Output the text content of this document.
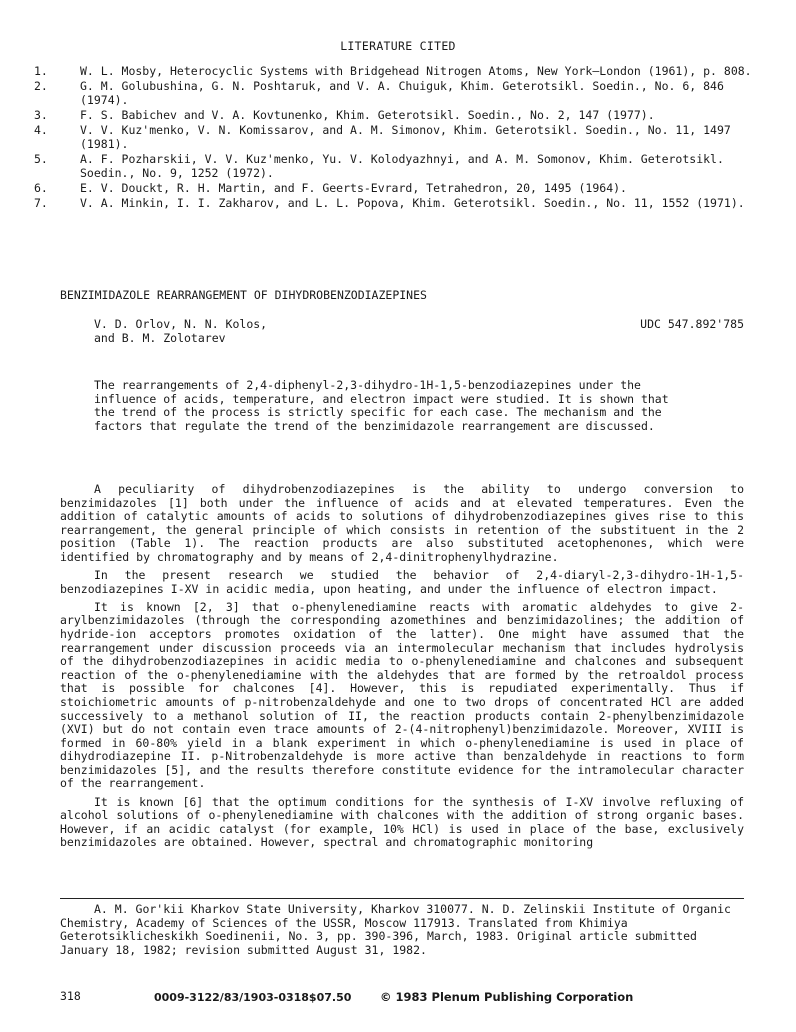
LITERATURE CITED
1.	W. L. Mosby, Heterocyclic Systems with Bridgehead Nitrogen Atoms, New York–London (1961), p. 808.
2.	G. M. Golubushina, G. N. Poshtaruk, and V. A. Chuiguk, Khim. Geterotsikl. Soedin., No. 6, 846 (1974).
3.	F. S. Babichev and V. A. Kovtunenko, Khim. Geterotsikl. Soedin., No. 2, 147 (1977).
4.	V. V. Kuz'menko, V. N. Komissarov, and A. M. Simonov, Khim. Geterotsikl. Soedin., No. 11, 1497 (1981).
5.	A. F. Pozharskii, V. V. Kuz'menko, Yu. V. Kolodyazhnyi, and A. M. Somonov, Khim. Geterotsikl. Soedin., No. 9, 1252 (1972).
6.	E. V. Douckt, R. H. Martin, and F. Geerts-Evrard, Tetrahedron, 20, 1495 (1964).
7.	V. A. Minkin, I. I. Zakharov, and L. L. Popova, Khim. Geterotsikl. Soedin., No. 11, 1552 (1971).
BENZIMIDAZOLE REARRANGEMENT OF DIHYDROBENZODIAZEPINES
V. D. Orlov, N. N. Kolos,
and B. M. Zolotarev
UDC 547.892'785
The rearrangements of 2,4-diphenyl-2,3-dihydro-1H-1,5-benzodiazepines under the influence of acids, temperature, and electron impact were studied. It is shown that the trend of the process is strictly specific for each case. The mechanism and the factors that regulate the trend of the benzimidazole rearrangement are discussed.

A peculiarity of dihydrobenzodiazepines is the ability to undergo conversion to benzimidazoles [1] both under the influence of acids and at elevated temperatures. Even the addition of catalytic amounts of acids to solutions of dihydrobenzodiazepines gives rise to this rearrangement, the general principle of which consists in retention of the substituent in the 2 position (Table 1). The reaction products are also substituted acetophenones, which were identified by chromatography and by means of 2,4-dinitrophenylhydrazine.

In the present research we studied the behavior of 2,4-diaryl-2,3-dihydro-1H-1,5-benzodiazepines I-XV in acidic media, upon heating, and under the influence of electron impact.

It is known [2, 3] that o-phenylenediamine reacts with aromatic aldehydes to give 2-arylbenzimidazoles (through the corresponding azomethines and benzimidazolines; the addition of hydride-ion acceptors promotes oxidation of the latter). One might have assumed that the rearrangement under discussion proceeds via an intermolecular mechanism that includes hydrolysis of the dihydrobenzodiazepines in acidic media to o-phenylenediamine and chalcones and subsequent reaction of the o-phenylenediamine with the aldehydes that are formed by the retroaldol process that is possible for chalcones [4]. However, this is repudiated experimentally. Thus if stoichiometric amounts of p-nitrobenzaldehyde and one to two drops of concentrated HCl are added successively to a methanol solution of II, the reaction products contain 2-phenylbenzimidazole (XVI) but do not contain even trace amounts of 2-(4-nitrophenyl)benzimidazole. Moreover, XVIII is formed in 60-80% yield in a blank experiment in which o-phenylenediamine is used in place of dihydrodiazepine II. p-Nitrobenzaldehyde is more active than benzaldehyde in reactions to form benzimidazoles [5], and the results therefore constitute evidence for the intramolecular character of the rearrangement.

It is known [6] that the optimum conditions for the synthesis of I-XV involve refluxing of alcohol solutions of o-phenylenediamine with chalcones with the addition of strong organic bases. However, if an acidic catalyst (for example, 10% HCl) is used in place of the base, exclusively benzimidazoles are obtained. However, spectral and chromatographic monitoring

A. M. Gor'kii Kharkov State University, Kharkov 310077. N. D. Zelinskii Institute of Organic Chemistry, Academy of Sciences of the USSR, Moscow 117913. Translated from Khimiya Geterotsiklicheskikh Soedinenii, No. 3, pp. 390-396, March, 1983. Original article submitted January 18, 1982; revision submitted August 31, 1982.
318	0009-3122/83/1903-0318$07.50 © 1983 Plenum Publishing Corporation
